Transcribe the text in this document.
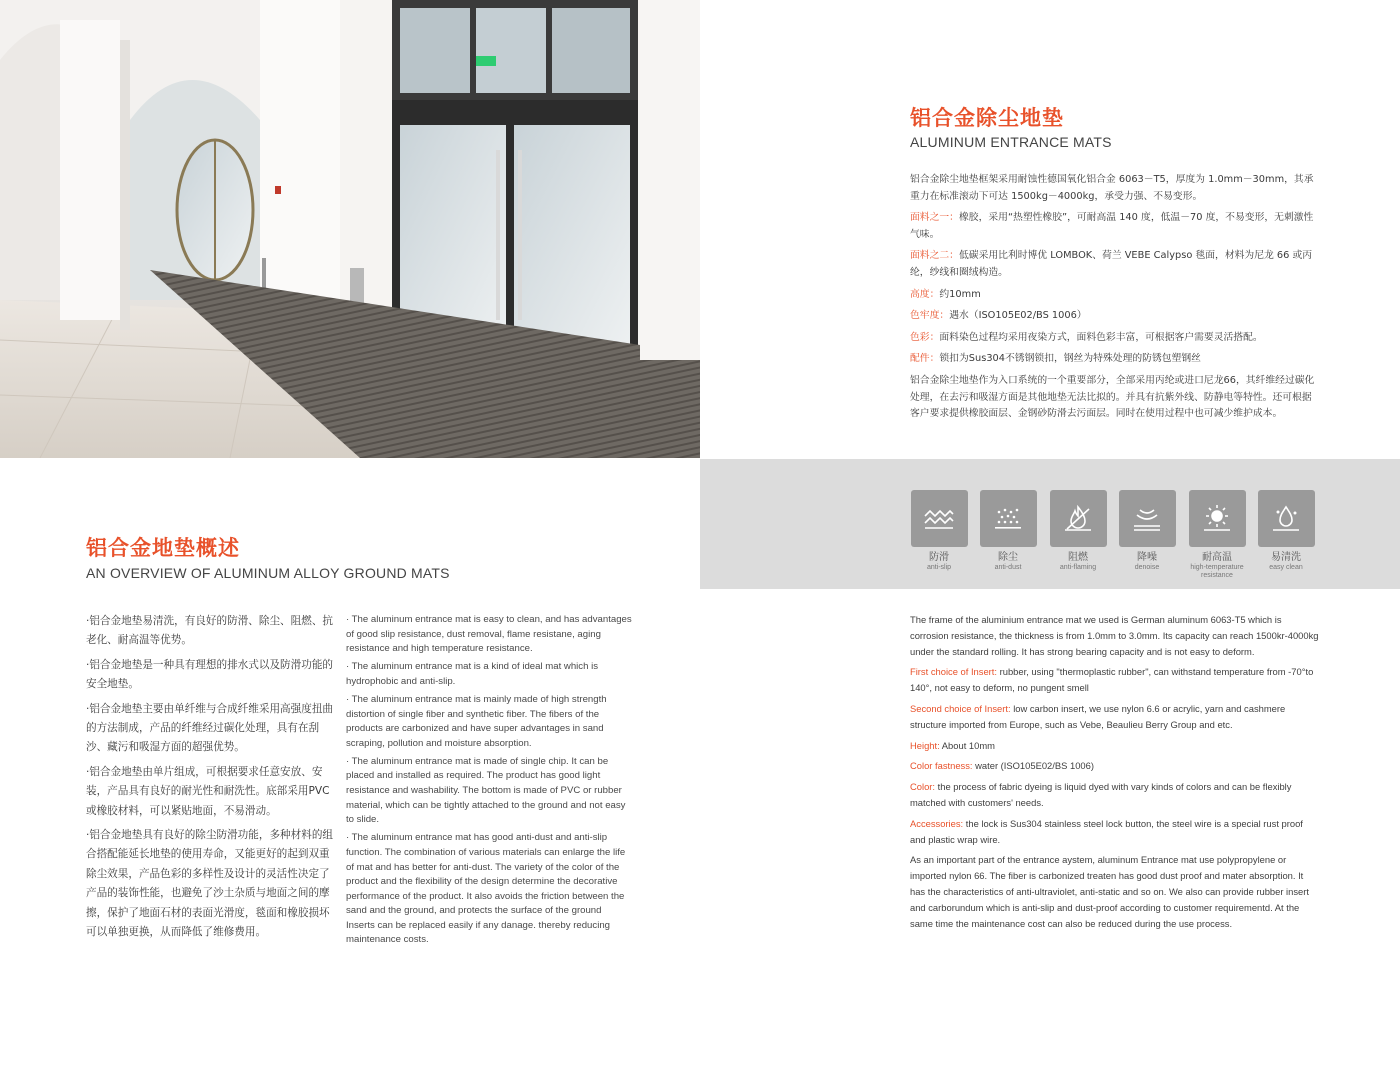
铝合金除尘地垫
ALUMINUM ENTRANCE MATS

铝合金除尘地垫框架采用耐蚀性德国氧化铝合金 6063－T5，厚度为 1.0mm－30mm，其承重力在标准滚动下可达 1500kg－4000kg，承受力强、不易变形。

面料之一：橡胶，采用“热塑性橡胶”，可耐高温 140 度，低温－70 度，不易变形，无刺激性气味。

面料之二：低碳采用比利时博优 LOMBOK、荷兰 VEBE Calypso 毯面，材料为尼龙 66 或丙纶，纱线和圈绒构造。

高度：约10mm

色牢度：遇水（ISO105E02/BS 1006）

色彩：面料染色过程均采用夜染方式，面料色彩丰富，可根据客户需要灵活搭配。

配件：锁扣为Sus304不锈钢锁扣，钢丝为特殊处理的防锈包塑钢丝

铝合金除尘地垫作为入口系统的一个重要部分，全部采用丙纶或进口尼龙66，其纤维经过碳化处理，在去污和吸湿方面是其他地垫无法比拟的。并具有抗紫外线、防静电等特性。还可根据客户要求提供橡胶面层、金钢砂防滑去污面层。同时在使用过程中也可减少维护成本。

防滑
anti-slip
除尘
anti-dust
阻燃
anti-flaming
降噪
denoise
耐高温
high-temperature resistance
易清洗
easy clean
铝合金地垫概述
AN OVERVIEW OF ALUMINUM ALLOY GROUND MATS

·铝合金地垫易清洗，有良好的防滑、除尘、阻燃、抗老化、耐高温等优势。

·铝合金地垫是一种具有理想的排水式以及防滑功能的安全地垫。

·铝合金地垫主要由单纤维与合成纤维采用高强度扭曲的方法制成，产品的纤维经过碳化处理，具有在刮沙、藏污和吸湿方面的超强优势。

·铝合金地垫由单片组成，可根据要求任意安放、安装，产品具有良好的耐光性和耐洗性。底部采用PVC或橡胶材料，可以紧贴地面，不易滑动。

·铝合金地垫具有良好的除尘防滑功能，多种材料的组合搭配能延长地垫的使用寿命，又能更好的起到双重除尘效果，产品色彩的多样性及设计的灵活性决定了产品的装饰性能，也避免了沙土杂质与地面之间的摩擦，保护了地面石材的表面光滑度，毯面和橡胶损坏可以单独更换，从而降低了维修费用。

· The aluminum entrance mat is easy to clean, and has advantages of good slip resistance, dust removal, flame resistane, aging resistance and high temperature resistance.

· The aluminum entrance mat is a kind of ideal mat which is hydrophobic and anti-slip.

· The aluminum entrance mat is mainly made of high strength distortion of single fiber and synthetic fiber. The fibers of the products are carbonized and have super advantages in sand scraping, pollution and moisture absorption.

· The aluminum entrance mat is made of single chip. It can be placed and installed as required. The product has good light resistance and washability. The bottom is made of PVC or rubber material, which can be tightly attached to the ground and not easy to slide.

· The aluminum entrance mat has good anti-dust and anti-slip function. The combination of various materials can enlarge the life of mat and has better for anti-dust. The variety of the color of the product and the flexibility of the design determine the decorative performance of the product. It also avoids the friction between the sand and the ground, and protects the surface of the ground Inserts can be replaced easily if any danage. thereby reducing maintenance costs.

The frame of the aluminium entrance mat we used is German aluminum 6063-T5 which is corrosion resistance, the thickness is from 1.0mm to 3.0mm. Its capacity can reach 1500kr-4000kg under the standard rolling. It has strong bearing capacity and is not easy to deform.

First choice of Insert: rubber, using "thermoplastic rubber", can withstand temperature from -70°to 140°, not easy to deform, no pungent smell

Second choice of Insert: low carbon insert, we use nylon 6.6 or acrylic, yarn and cashmere structure imported from Europe, such as Vebe, Beaulieu Berry Group and etc.

Height: About 10mm

Color fastness: water (ISO105E02/BS 1006)

Color: the process of fabric dyeing is liquid dyed with vary kinds of colors and can be flexibly matched with customers' needs.

Accessories: the lock is Sus304 stainless steel lock button, the steel wire is a special rust proof and plastic wrap wire.

As an important part of the entrance aystem, aluminum Entrance mat use polypropylene or imported nylon 66. The fiber is carbonized treaten has good dust proof and mater absorption. It has the characteristics of anti-ultraviolet, anti-static and so on. We also can provide rubber insert and carborundum which is anti-slip and dust-proof according to customer requirementd. At the same time the maintenance cost can also be reduced during the use process.
